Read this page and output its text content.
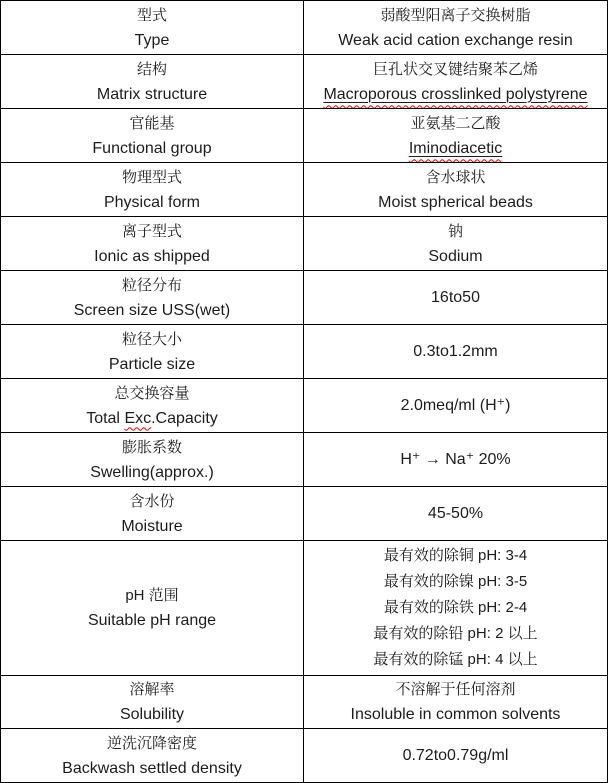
型式
Type
弱酸型阳离子交换树脂
Weak acid cation exchange resin
结构
Matrix structure
巨孔状交叉键结聚苯乙烯
Macroporous crosslinked polystyrene
官能基
Functional group
亚氨基二乙酸
Iminodiacetic
物理型式
Physical form
含水球状
Moist spherical beads
离子型式
Ionic as shipped
钠
Sodium
粒径分布
Screen size USS(wet)
16to50
粒径大小
Particle size
0.3to1.2mm
总交换容量
Total Exc.Capacity
2.0meq/ml (H⁺)
膨胀系数
Swelling(approx.)
H⁺ → Na⁺ 20%
含水份
Moisture
45-50%
pH 范围
Suitable pH range
最有效的除铜 pH: 3-4
最有效的除镍 pH: 3-5
最有效的除铁 pH: 2-4
最有效的除铅 pH: 2 以上
最有效的除锰 pH: 4 以上
溶解率
Solubility
不溶解于任何溶剂
Insoluble in common solvents
逆洗沉降密度
Backwash settled density
0.72to0.79g/ml
